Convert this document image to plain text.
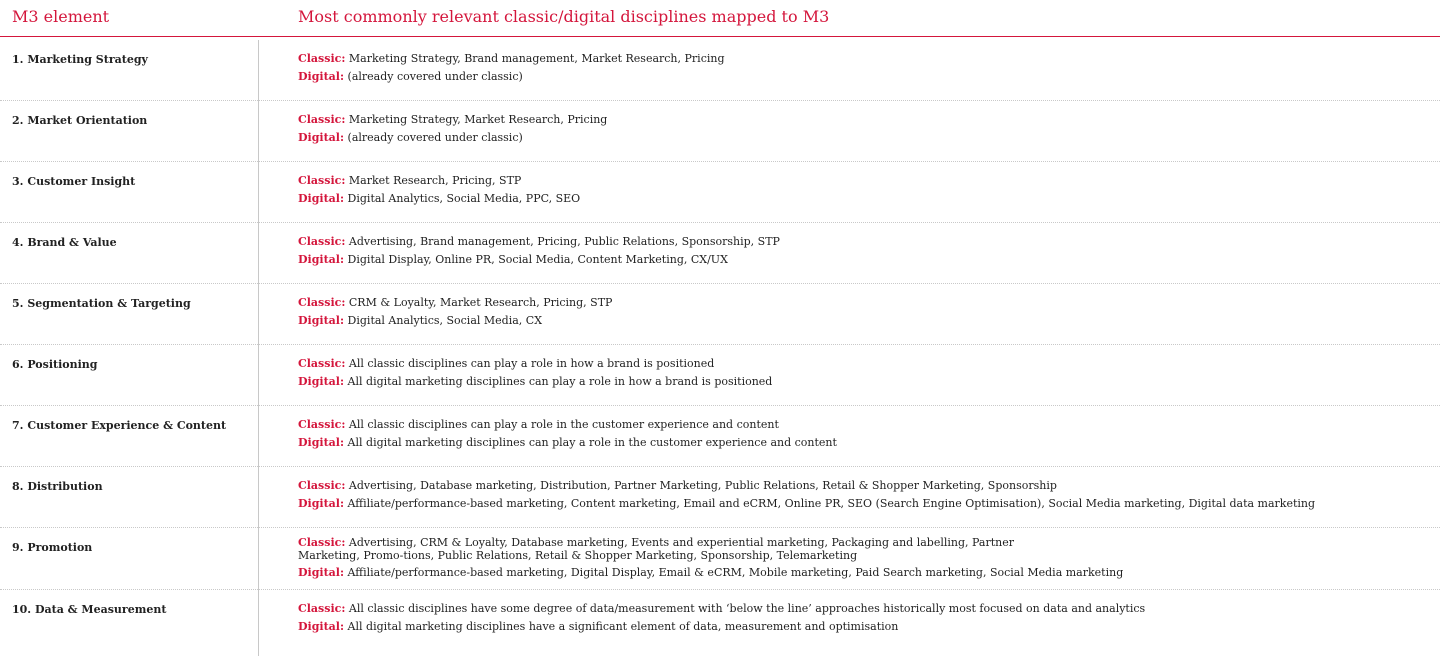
M3 element	Most commonly relevant classic/digital disciplines mapped to M3
1. Marketing Strategy	Classic: Marketing Strategy, Brand management, Market Research, Pricing
Digital: (already covered under classic)
2. Market Orientation	Classic: Marketing Strategy, Market Research, Pricing
Digital: (already covered under classic)
3. Customer Insight	Classic: Market Research, Pricing, STP
Digital: Digital Analytics, Social Media, PPC, SEO
4. Brand & Value	Classic: Advertising, Brand management, Pricing, Public Relations, Sponsorship, STP
Digital: Digital Display, Online PR, Social Media, Content Marketing, CX/UX
5. Segmentation & Targeting	Classic: CRM & Loyalty, Market Research, Pricing, STP
Digital: Digital Analytics, Social Media, CX
6. Positioning	Classic: All classic disciplines can play a role in how a brand is positioned
Digital: All digital marketing disciplines can play a role in how a brand is positioned
7. Customer Experience & Content	Classic: All classic disciplines can play a role in the customer experience and content
Digital: All digital marketing disciplines can play a role in the customer experience and content
8. Distribution	Classic: Advertising, Database marketing, Distribution, Partner Marketing, Public Relations, Retail & Shopper Marketing, Sponsorship
Digital: Affiliate/performance-based marketing, Content marketing, Email and eCRM, Online PR, SEO (Search Engine Optimisation), Social Media marketing, Digital data marketing
9. Promotion	Classic: Advertising, CRM & Loyalty, Database marketing, Events and experiential marketing, Packaging and labelling, Partner Marketing, Promo-tions, Public Relations, Retail & Shopper Marketing, Sponsorship, Telemarketing
Digital: Affiliate/performance-based marketing, Digital Display, Email & eCRM, Mobile marketing, Paid Search marketing, Social Media marketing
10. Data & Measurement	Classic: All classic disciplines have some degree of data/measurement with ‘below the line’ approaches historically most focused on data and analytics
Digital: All digital marketing disciplines have a significant element of data, measurement and optimisation
